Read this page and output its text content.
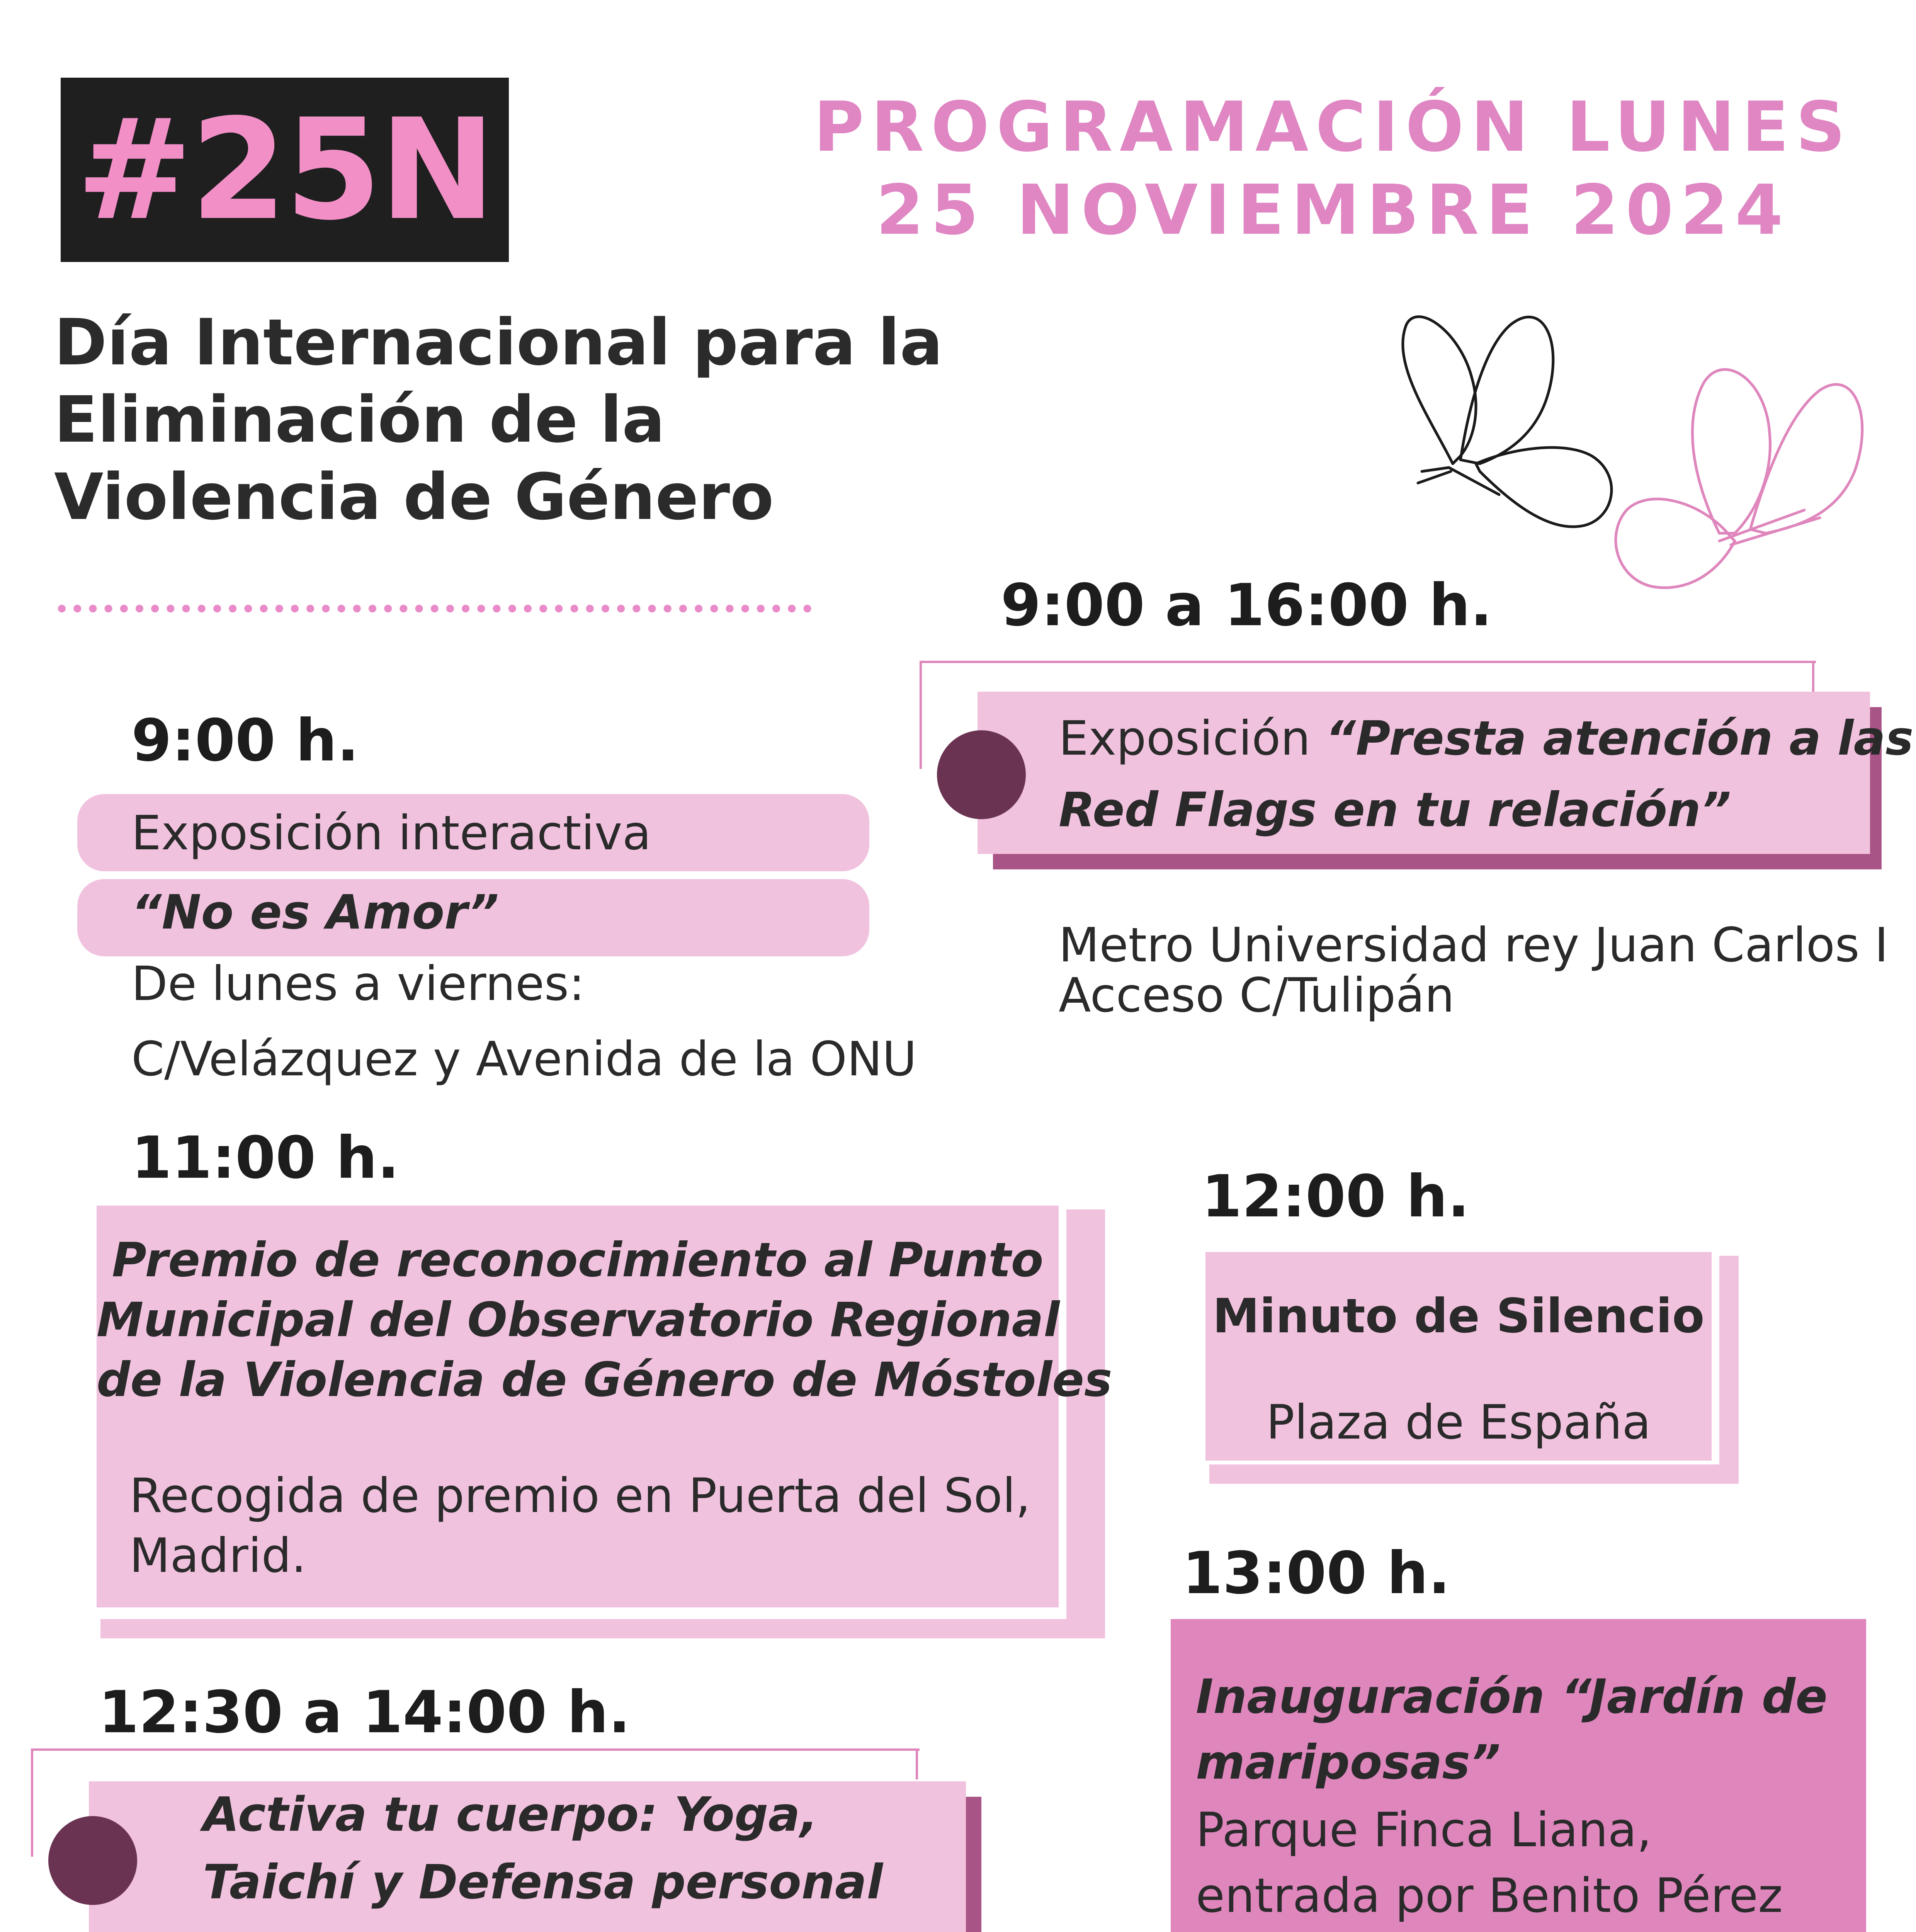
#25N	PROGRAMACIÓN LUNES
25 NOVIEMBRE 2024
Día Internacional para la
Eliminación de la
Violencia de Género
9:00 h.
Exposición interactiva
“No es Amor”
De lunes a viernes:
C/Velázquez y Avenida de la ONU
9:00 a 16:00 h.
Exposición “Presta atención a las
Red Flags en tu relación”
Metro Universidad rey Juan Carlos I
Acceso C/Tulipán
11:00 h.
Premio de reconocimiento al Punto
Municipal del Observatorio Regional
de la Violencia de Género de Móstoles
Recogida de premio en Puerta del Sol,
Madrid.
12:00 h.
Minuto de Silencio
Plaza de España
13:00 h.
Inauguración “Jardín de
mariposas”
Parque Finca Liana,
entrada por Benito Pérez
12:30 a 14:00 h.
Activa tu cuerpo: Yoga,
Taichí y Defensa personal
